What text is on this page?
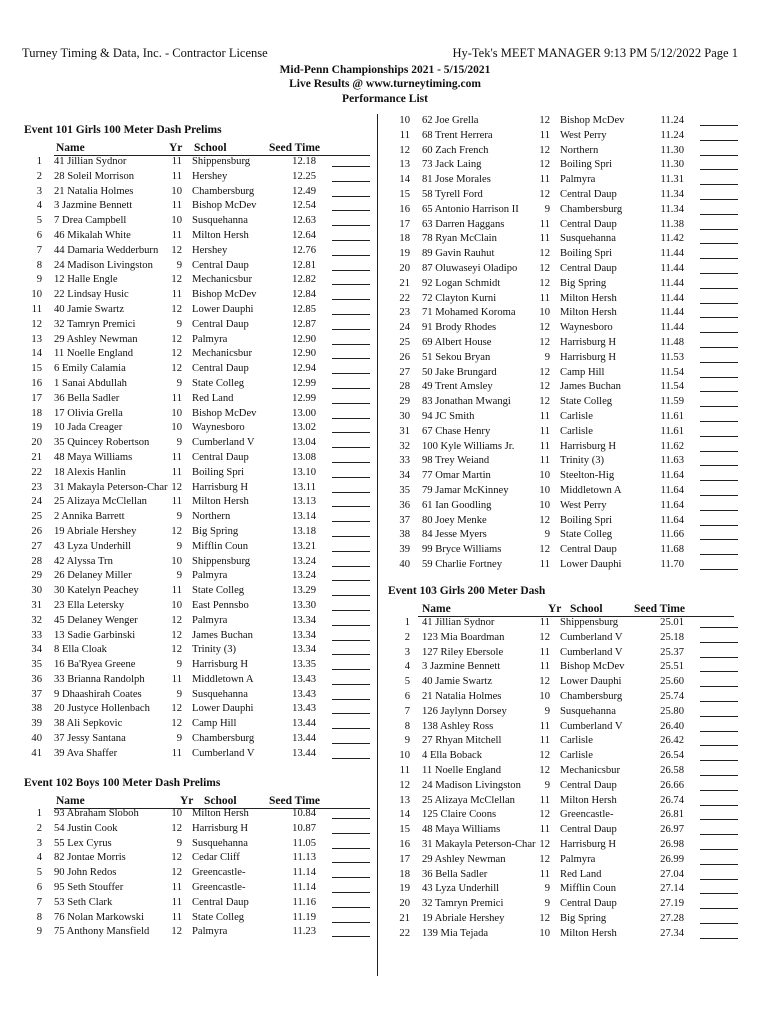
Turney Timing & Data, Inc. - Contractor License	Hy-Tek's MEET MANAGER 9:13 PM 5/12/2022 Page 1
Mid-Penn Championships 2021 - 5/15/2021
Live Results @ www.turneytiming.com
Performance List
Event 101 Girls 100 Meter Dash Prelims
Name	Yr School	Seed Time
1 41 Jillian Sydnor	11 Shippensburg	12.18
2 28 Soleil Morrison	11 Hershey	12.25
3 21 Natalia Holmes	10 Chambersburg	12.49
4 3 Jazmine Bennett	11 Bishop McDev	12.54
5 7 Drea Campbell	10 Susquehanna	12.63
6 46 Mikalah White	11 Milton Hersh	12.64
7 44 Damaria Wedderburn	12 Hershey	12.76
8 24 Madison Livingston	9 Central Daup	12.81
9 12 Halle Engle	12 Mechanicsbur	12.82
10 22 Lindsay Husic	11 Bishop McDev	12.84
11 40 Jamie Swartz	12 Lower Dauphi	12.85
12 32 Tamryn Premici	9 Central Daup	12.87
13 29 Ashley Newman	12 Palmyra	12.90
14 11 Noelle England	12 Mechanicsbur	12.90
15 6 Emily Calamia	12 Central Daup	12.94
16 1 Sanai Abdullah	9 State Colleg	12.99
17 36 Bella Sadler	11 Red Land	12.99
18 17 Olivia Grella	10 Bishop McDev	13.00
19 10 Jada Creager	10 Waynesboro	13.02
20 35 Quincey Robertson	9 Cumberland V	13.04
21 48 Maya Williams	11 Central Daup	13.08
22 18 Alexis Hanlin	11 Boiling Spri	13.10
23 31 Makayla Peterson-Char 12 Harrisburg H	13.11
24 25 Alizaya McClellan	11 Milton Hersh	13.13
25 2 Annika Barrett	9 Northern	13.14
26 19 Abriale Hershey	12 Big Spring	13.18
27 43 Lyza Underhill	9 Mifflin Coun	13.21
28 42 Alyssa Trn	10 Shippensburg	13.24
29 26 Delaney Miller	9 Palmyra	13.24
30 30 Katelyn Peachey	11 State Colleg	13.29
31 23 Ella Letersky	10 East Pennsbo	13.30
32 45 Delaney Wenger	12 Palmyra	13.34
33 13 Sadie Garbinski	12 James Buchan	13.34
34 8 Ella Cloak	12 Trinity (3)	13.34
35 16 Ba'Ryea Greene	9 Harrisburg H	13.35
36 33 Brianna Randolph	11 Middletown A	13.43
37 9 Dhaashirah Coates	9 Susquehanna	13.43
38 20 Justyce Hollenbach	12 Lower Dauphi	13.43
39 38 Ali Sepkovic	12 Camp Hill	13.44
40 37 Jessy Santana	9 Chambersburg	13.44
41 39 Ava Shaffer	11 Cumberland V	13.44
Event 102 Boys 100 Meter Dash Prelims
Name	Yr School	Seed Time
1 93 Abraham Sloboh	10 Milton Hersh	10.84
2 54 Justin Cook	12 Harrisburg H	10.87
3 55 Lex Cyrus	9 Susquehanna	11.05
4 82 Jontae Morris	12 Cedar Cliff	11.13
5 90 John Redos	12 Greencastle-	11.14
6 95 Seth Stouffer	11 Greencastle-	11.14
7 53 Seth Clark	11 Central Daup	11.16
8 76 Nolan Markowski	11 State Colleg	11.19
9 75 Anthony Mansfield	12 Palmyra	11.23
10 62 Joe Grella	12 Bishop McDev	11.24
11 68 Trent Herrera	11 West Perry	11.24
12 60 Zach French	12 Northern	11.30
13 73 Jack Laing	12 Boiling Spri	11.30
14 81 Jose Morales	11 Palmyra	11.31
15 58 Tyrell Ford	12 Central Daup	11.34
16 65 Antonio Harrison II	9 Chambersburg	11.34
17 63 Darren Haggans	11 Central Daup	11.38
18 78 Ryan McClain	11 Susquehanna	11.42
19 89 Gavin Rauhut	12 Boiling Spri	11.44
20 87 Oluwaseyi Oladipo	12 Central Daup	11.44
21 92 Logan Schmidt	12 Big Spring	11.44
22 72 Clayton Kurni	11 Milton Hersh	11.44
23 71 Mohamed Koroma	10 Milton Hersh	11.44
24 91 Brody Rhodes	12 Waynesboro	11.44
25 69 Albert House	12 Harrisburg H	11.48
26 51 Sekou Bryan	9 Harrisburg H	11.53
27 50 Jake Brungard	12 Camp Hill	11.54
28 49 Trent Amsley	12 James Buchan	11.54
29 83 Jonathan Mwangi	12 State Colleg	11.59
30 94 JC Smith	11 Carlisle	11.61
31 67 Chase Henry	11 Carlisle	11.61
32 100 Kyle Williams Jr.	11 Harrisburg H	11.62
33 98 Trey Weiand	11 Trinity (3)	11.63
34 77 Omar Martin	10 Steelton-Hig	11.64
35 79 Jamar McKinney	10 Middletown A	11.64
36 61 Ian Goodling	10 West Perry	11.64
37 80 Joey Menke	12 Boiling Spri	11.64
38 84 Jesse Myers	9 State Colleg	11.66
39 99 Bryce Williams	12 Central Daup	11.68
40 59 Charlie Fortney	11 Lower Dauphi	11.70
Event 103 Girls 200 Meter Dash
Name	Yr School	Seed Time
1 41 Jillian Sydnor	11 Shippensburg	25.01
2 123 Mia Boardman	12 Cumberland V	25.18
3 127 Riley Ebersole	11 Cumberland V	25.37
4 3 Jazmine Bennett	11 Bishop McDev	25.51
5 40 Jamie Swartz	12 Lower Dauphi	25.60
6 21 Natalia Holmes	10 Chambersburg	25.74
7 126 Jaylynn Dorsey	9 Susquehanna	25.80
8 138 Ashley Ross	11 Cumberland V	26.40
9 27 Rhyan Mitchell	11 Carlisle	26.42
10 4 Ella Boback	12 Carlisle	26.54
11 11 Noelle England	12 Mechanicsbur	26.58
12 24 Madison Livingston	9 Central Daup	26.66
13 25 Alizaya McClellan	11 Milton Hersh	26.74
14 125 Claire Coons	12 Greencastle-	26.81
15 48 Maya Williams	11 Central Daup	26.97
16 31 Makayla Peterson-Char 12 Harrisburg H	26.98
17 29 Ashley Newman	12 Palmyra	26.99
18 36 Bella Sadler	11 Red Land	27.04
19 43 Lyza Underhill	9 Mifflin Coun	27.14
20 32 Tamryn Premici	9 Central Daup	27.19
21 19 Abriale Hershey	12 Big Spring	27.28
22 139 Mia Tejada	10 Milton Hersh	27.34
